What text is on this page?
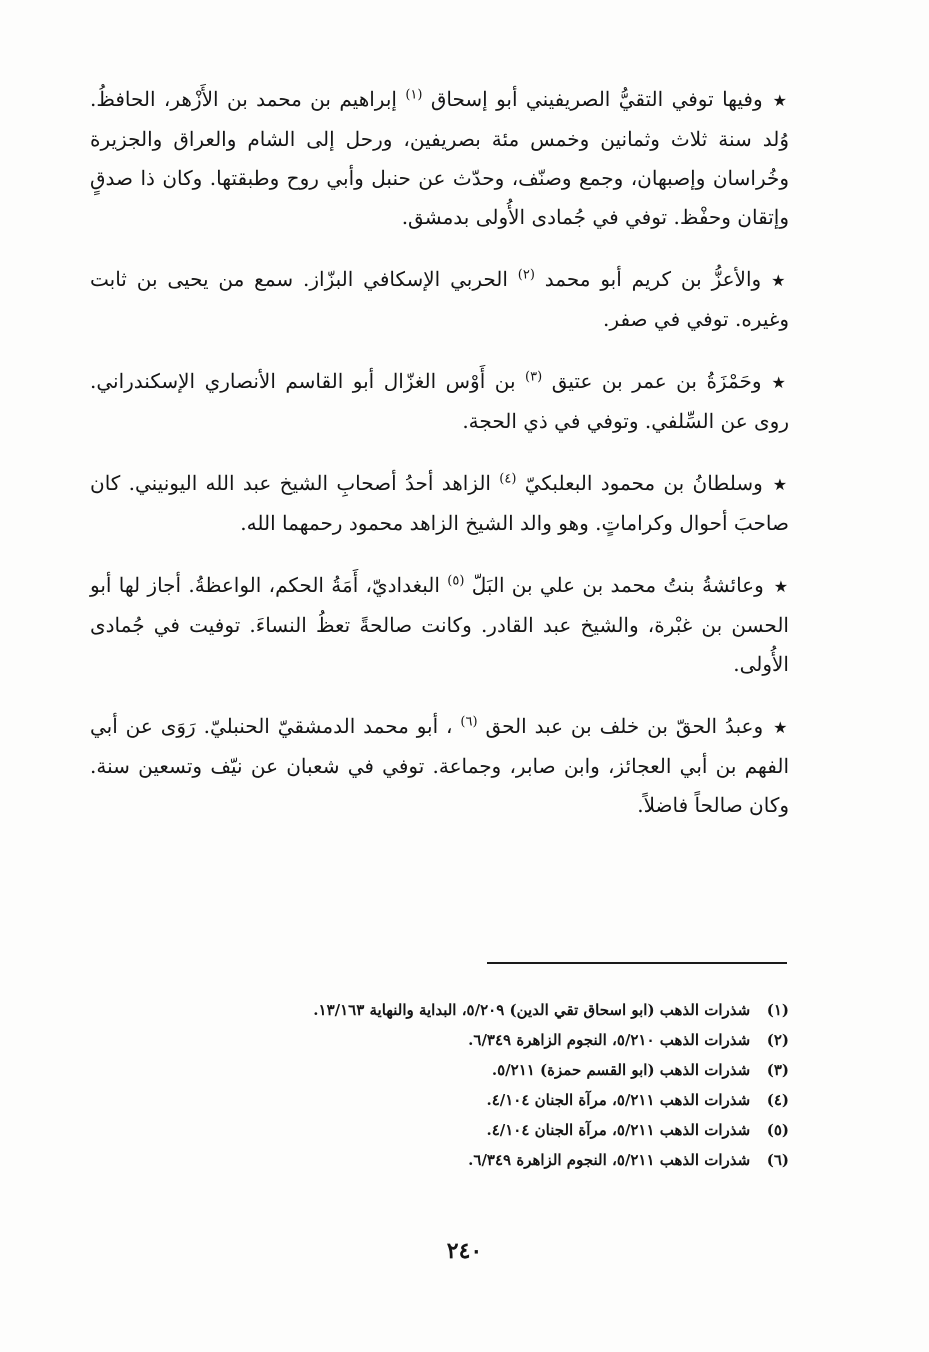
★وفيها توفي التقيُّ الصريفيني أبو إسحاق $^{(١)}$ إبراهيم بن محمد بن الأَزْهر، الحافظُ. وُلد سنة ثلاث وثمانين وخمس مئة بصريفين، ورحل إلى الشام والعراق والجزيرة وخُراسان وإصبهان، وجمع وصنّف، وحدّث عن حنبل وأبي روح وطبقتها. وكان ذا صدقٍ وإتقان وحفْظ. توفي في جُمادى الأُولى بدمشق.

★والأعزُّ بن كريم أبو محمد $^{(٢)}$ الحربي الإسكافي البزّاز. سمع من يحيى بن ثابت وغيره. توفي في صفر.

★وحَمْزَةُ بن عمر بن عتيق $^{(٣)}$ بن أَوْس الغزّال أبو القاسم الأنصاري الإسكندراني. روى عن السِّلفي. وتوفي في ذي الحجة.

★وسلطانُ بن محمود البعلبكيّ $^{(٤)}$ الزاهد أحدُ أصحابِ الشيخ عبد الله اليونيني. كان صاحبَ أحوال وكراماتٍ. وهو والد الشيخ الزاهد محمود رحمهما الله.

★وعائشةُ بنتُ محمد بن علي بن البَلّ $^{(٥)}$ البغداديّ، أَمَةُ الحكم، الواعظةُ. أجاز لها أبو الحسن بن غبْرة، والشيخ عبد القادر. وكانت صالحةً تعظُ النساءَ. توفيت في جُمادى الأُولى.

★وعبدُ الحقّ بن خلف بن عبد الحق $^{(٦)}$ ، أبو محمد الدمشقيّ الحنبليّ. رَوَى عن أبي الفهم بن أبي العجائز، وابن صابر، وجماعة. توفي في شعبان عن نيّف وتسعين سنة. وكان صالحاً فاضلاً.

(١) شذرات الذهب (ابو اسحاق تقي الدين) ٥/٢٠٩، البداية والنهاية ١٣/١٦٣.
(٢) شذرات الذهب ٥/٢١٠، النجوم الزاهرة ٦/٣٤٩.
(٣) شذرات الذهب (ابو القسم حمزة) ٥/٢١١.
(٤) شذرات الذهب ٥/٢١١، مرآة الجنان ٤/١٠٤.
(٥) شذرات الذهب ٥/٢١١، مرآة الجنان ٤/١٠٤.
(٦) شذرات الذهب ٥/٢١١، النجوم الزاهرة ٦/٣٤٩.
٢٤٠
